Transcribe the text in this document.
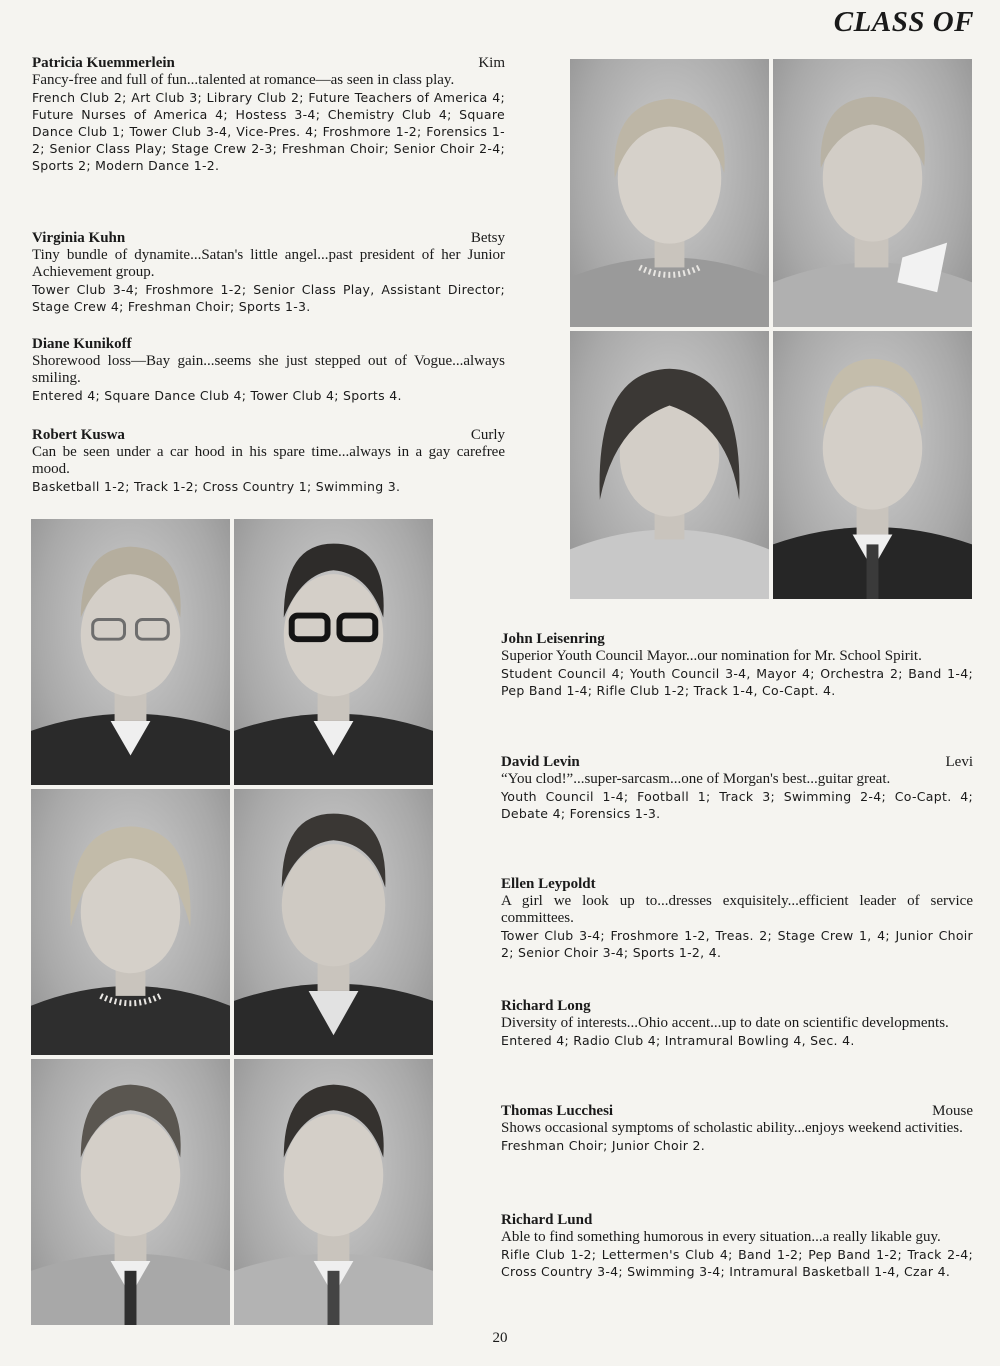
CLASS OF
Patricia Kuemmerlein	Kim
Fancy-free and full of fun...talented at romance—as seen in class play.
French Club 2; Art Club 3; Library Club 2; Future Teachers of America 4; Future Nurses of America 4; Hostess 3-4; Chemistry Club 4; Square Dance Club 1; Tower Club 3-4, Vice-Pres. 4; Froshmore 1-2; Forensics 1-2; Senior Class Play; Stage Crew 2-3; Freshman Choir; Senior Choir 2-4; Sports 2; Modern Dance 1-2.
Virginia Kuhn	Betsy
Tiny bundle of dynamite...Satan's little angel...past president of her Junior Achievement group.
Tower Club 3-4; Froshmore 1-2; Senior Class Play, Assistant Director; Stage Crew 4; Freshman Choir; Sports 1-3.
Diane Kunikoff
Shorewood loss—Bay gain...seems she just stepped out of Vogue...always smiling.
Entered 4; Square Dance Club 4; Tower Club 4; Sports 4.
Robert Kuswa	Curly
Can be seen under a car hood in his spare time...always in a gay carefree mood.
Basketball 1-2; Track 1-2; Cross Country 1; Swimming 3.
John Leisenring
Superior Youth Council Mayor...our nomination for Mr. School Spirit.
Student Council 4; Youth Council 3-4, Mayor 4; Orchestra 2; Band 1-4; Pep Band 1-4; Rifle Club 1-2; Track 1-4, Co-Capt. 4.
David Levin	Levi
“You clod!”...super-sarcasm...one of Morgan's best...guitar great.
Youth Council 1-4; Football 1; Track 3; Swimming 2-4; Co-Capt. 4; Debate 4; Forensics 1-3.
Ellen Leypoldt
A girl we look up to...dresses exquisitely...efficient leader of service committees.
Tower Club 3-4; Froshmore 1-2, Treas. 2; Stage Crew 1, 4; Junior Choir 2; Senior Choir 3-4; Sports 1-2, 4.
Richard Long
Diversity of interests...Ohio accent...up to date on scientific developments.
Entered 4; Radio Club 4; Intramural Bowling 4, Sec. 4.
Thomas Lucchesi	Mouse
Shows occasional symptoms of scholastic ability...enjoys weekend activities.
Freshman Choir; Junior Choir 2.
Richard Lund
Able to find something humorous in every situation...a really likable guy.
Rifle Club 1-2; Lettermen's Club 4; Band 1-2; Pep Band 1-2; Track 2-4; Cross Country 3-4; Swimming 3-4; Intramural Basketball 1-4, Czar 4.
20
